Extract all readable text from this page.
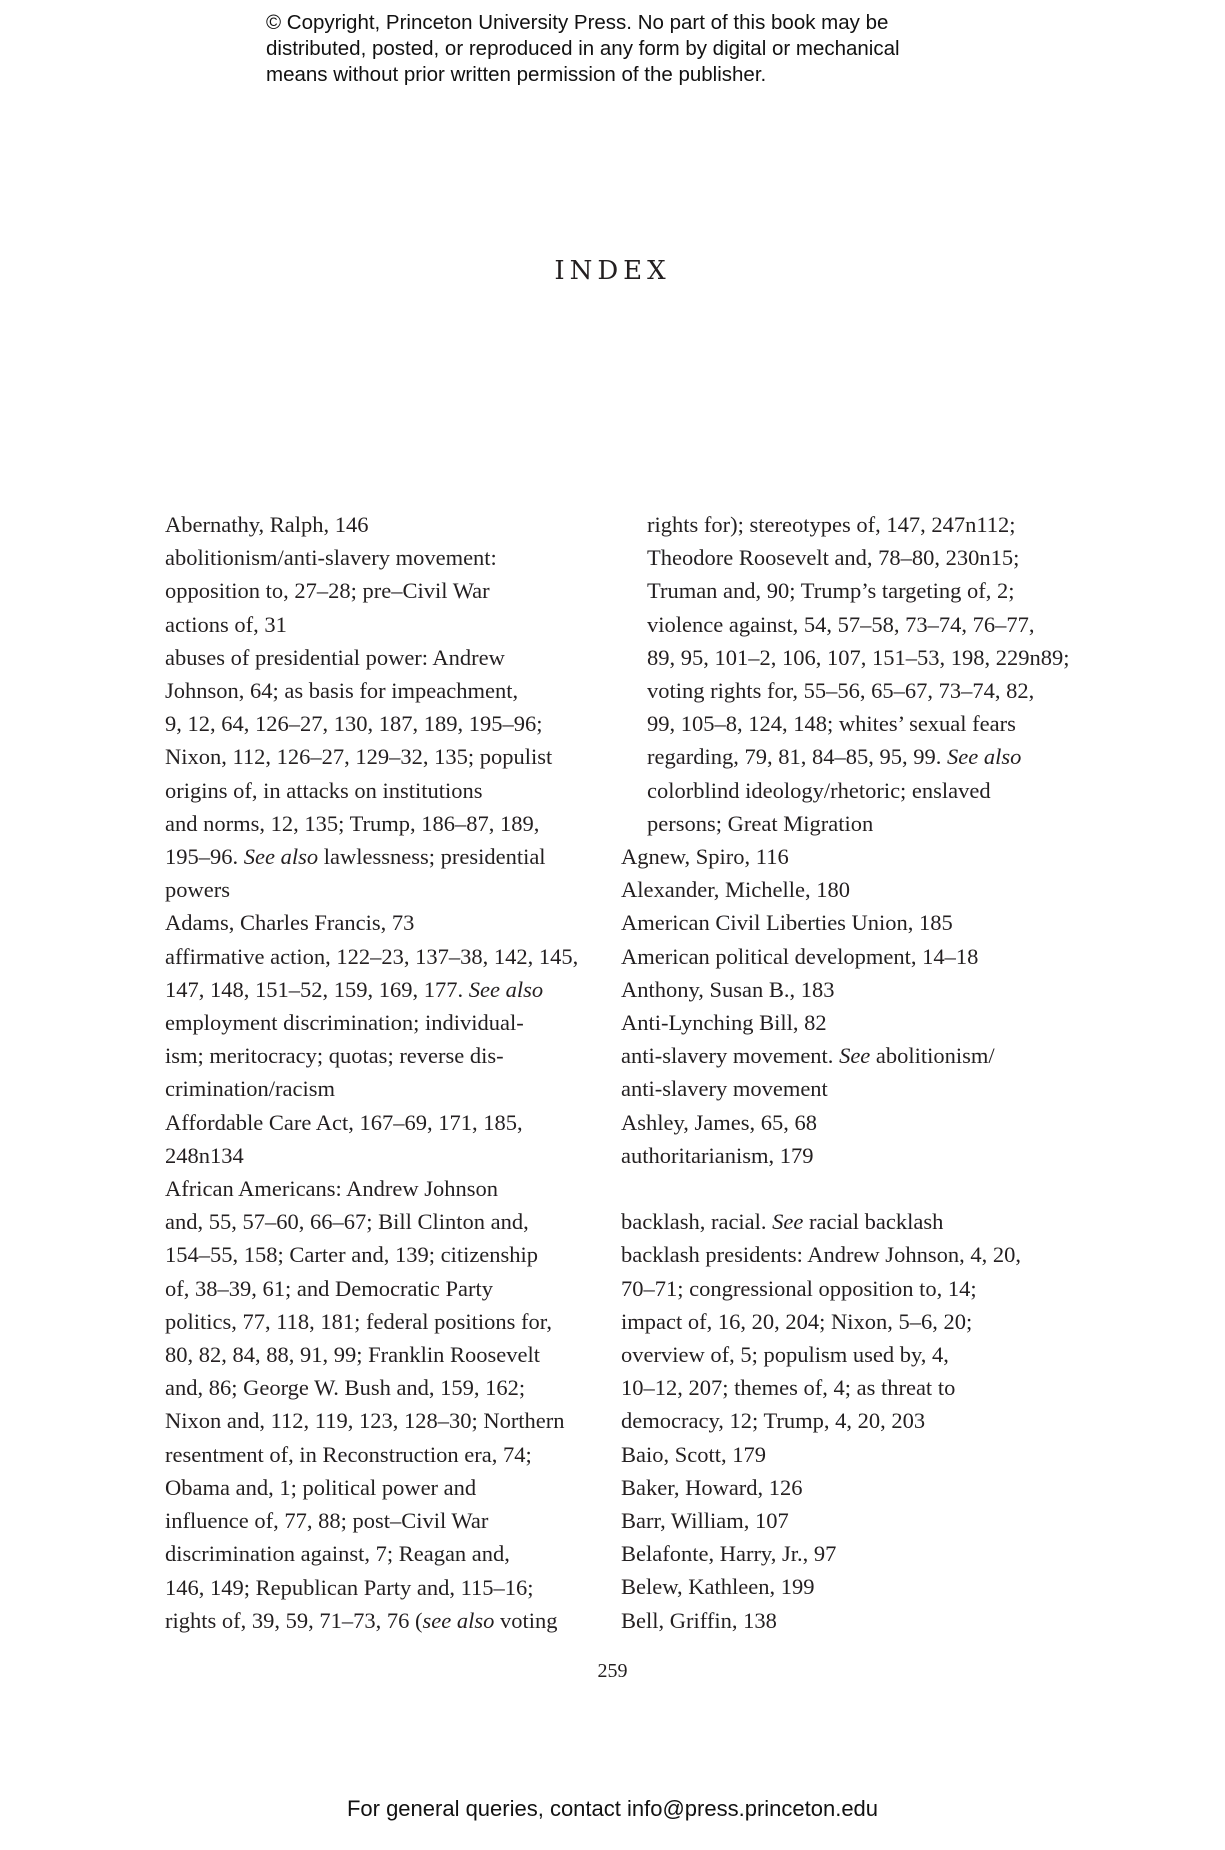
© Copyright, Princeton University Press. No part of this book may be
distributed, posted, or reproduced in any form by digital or mechanical
means without prior written permission of the publisher.
INDEX
Abernathy, Ralph, 146
abolitionism/anti-slavery movement:
opposition to, 27–28; pre–Civil War
actions of, 31
abuses of presidential power: Andrew
Johnson, 64; as basis for impeachment,
9, 12, 64, 126–27, 130, 187, 189, 195–96;
Nixon, 112, 126–27, 129–32, 135; populist
origins of, in attacks on institutions
and norms, 12, 135; Trump, 186–87, 189,
195–96. See also lawlessness; presidential
powers
Adams, Charles Francis, 73
affirmative action, 122–23, 137–38, 142, 145,
147, 148, 151–52, 159, 169, 177. See also
employment discrimination; individual-
ism; meritocracy; quotas; reverse dis-
crimination/racism
Affordable Care Act, 167–69, 171, 185,
248n134
African Americans: Andrew Johnson
and, 55, 57–60, 66–67; Bill Clinton and,
154–55, 158; Carter and, 139; citizenship
of, 38–39, 61; and Democratic Party
politics, 77, 118, 181; federal positions for,
80, 82, 84, 88, 91, 99; Franklin Roosevelt
and, 86; George W. Bush and, 159, 162;
Nixon and, 112, 119, 123, 128–30; Northern
resentment of, in Reconstruction era, 74;
Obama and, 1; political power and
influence of, 77, 88; post–Civil War
discrimination against, 7; Reagan and,
146, 149; Republican Party and, 115–16;
rights of, 39, 59, 71–73, 76 (see also voting
rights for); stereotypes of, 147, 247n112;
Theodore Roosevelt and, 78–80, 230n15;
Truman and, 90; Trump’s targeting of, 2;
violence against, 54, 57–58, 73–74, 76–77,
89, 95, 101–2, 106, 107, 151–53, 198, 229n89;
voting rights for, 55–56, 65–67, 73–74, 82,
99, 105–8, 124, 148; whites’ sexual fears
regarding, 79, 81, 84–85, 95, 99. See also
colorblind ideology/rhetoric; enslaved
persons; Great Migration
Agnew, Spiro, 116
Alexander, Michelle, 180
American Civil Liberties Union, 185
American political development, 14–18
Anthony, Susan B., 183
Anti-Lynching Bill, 82
anti-slavery movement. See abolitionism/
anti-slavery movement
Ashley, James, 65, 68
authoritarianism, 179
backlash, racial. See racial backlash
backlash presidents: Andrew Johnson, 4, 20,
70–71; congressional opposition to, 14;
impact of, 16, 20, 204; Nixon, 5–6, 20;
overview of, 5; populism used by, 4,
10–12, 207; themes of, 4; as threat to
democracy, 12; Trump, 4, 20, 203
Baio, Scott, 179
Baker, Howard, 126
Barr, William, 107
Belafonte, Harry, Jr., 97
Belew, Kathleen, 199
Bell, Griffin, 138
259
For general queries, contact info@press.princeton.edu
